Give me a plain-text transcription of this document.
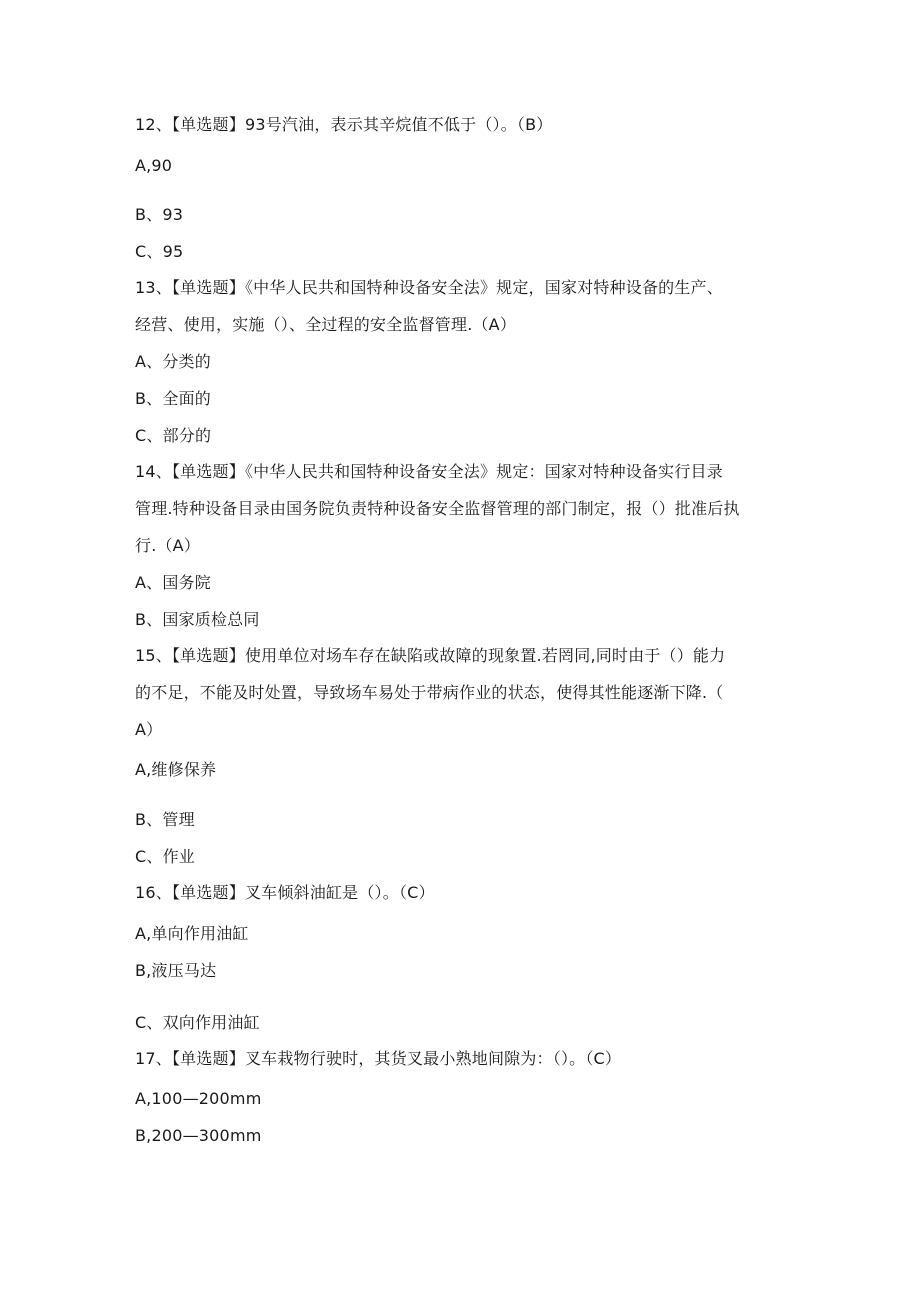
12、【单选题】93号汽油，表示其辛烷值不低于（）。（B）
A,90
B、93
C、95
13、【单选题】《中华人民共和国特种设备安全法》规定，国家对特种设备的生产、
经营、使用，实施（）、全过程的安全监督管理.（A）
A、分类的
B、全面的
C、部分的
14、【单选题】《中华人民共和国特种设备安全法》规定：国家对特种设备实行目录
管理.特种设备目录由国务院负责特种设备安全监督管理的部门制定，报（）批准后执
行.（A）
A、国务院
B、国家质检总同
15、【单选题】使用单位对场车存在缺陷或故障的现象置.若罔同,同时由于（）能力
的不足，不能及时处置，导致场车易处于带病作业的状态，使得其性能逐渐下降.（
A）
A,维修保养
B、管理
C、作业
16、【单选题】叉车倾斜油缸是（）。（C）
A,单向作用油缸
B,液压马达
C、双向作用油缸
17、【单选题】叉车栽物行驶时，其货叉最小熟地间隙为：（）。（C）
A,100—200mm
B,200—300mm
